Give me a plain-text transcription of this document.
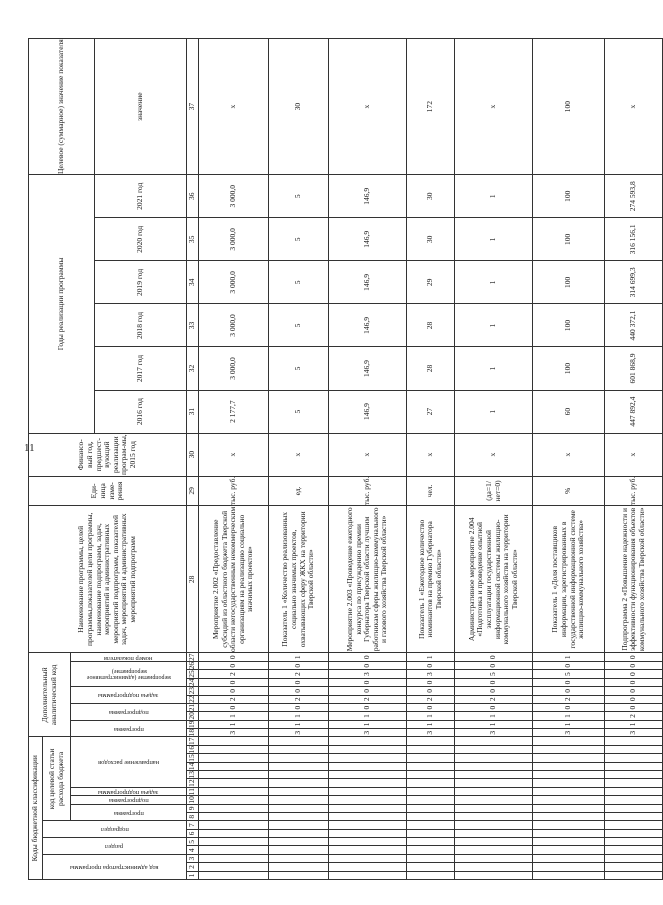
11
Коды бюджетной классификации																	Дополнительный аналитический код										Наименование программы, целей программы,показателей цели программы, наименование подпрограмм, задач, мероприятий и административных мероприятий подпрограмм, показателей задач, мероприятий и административных мероприятий подпрограмм	Еди-ница изме-рения	Финансо-вый год, предшест-вующий реализации програм-мы, 2015 год	Годы реализации программы						Целевое (суммарное) значение показателя

код администратора программы			раздел		подраздел		код целевой статьи расхода бюджета																													

							программа		подпрограмма	задача подпрограммы	направление расходов						программа		подпрограмма		задача подпрограммы		мероприятие (административное мероприятие)			номер показателя										

																														2016 год	2017 год	2018 год	2019 год	2020 год	2021 год	значение
1	2	3	4	5	6	7	8	9	10	11	12	13	14	15	16	17	18	19	20	21	22	23	24	25	26	27	28	29	30	31	32	33	34	35	36	37
																	3	1	1	0	2	0	0	2	0	0	Мероприятие 2.002 «Предоставление субсидий из областного бюджета Тверской области негосударственным некоммерческим организациям на реализацию социально значимых проектов»	тыс. руб.	х	2 177,7	3 000,0	3 000,0	3 000,0	3 000,0	3 000,0	х
																	3	1	1	0	2	0	0	2	0	1	Показатель 1 «Количество реализованных социально значимых проектов, охватывающих сферу ЖКХ на территории Тверской области»	ед.	х	5	5	5	5	5	5	30
																	3	1	1	0	2	0	0	3	0	0	Мероприятие 2.003 «Проведение ежегодного конкурса по присуждению премии Губернатора Тверской области лучшим работникам сферы жилищно-коммунального и газового хозяйства Тверской области»	тыс. руб.	х	146,9	146,9	146,9	146,9	146,9	146,9	х
																	3	1	1	0	2	0	0	3	0	1	Показатель 1 «Ежегодное количество номинантов на премию Губернатора Тверской области»	чел.	х	27	28	28	29	30	30	172
																	3	1	1	0	2	0	0	5	0	0	Административное мероприятие 2.004 «Подготовка и проведение опытной эксплуатации государственной информационной системы жилищно-коммунального хозяйства на территории Тверской области»	(да=1/ нет=0)	х	1	1	1	1	1	1	х
																	3	1	1	0	2	0	0	5	0	1	Показатель 1 «Доля поставщиков информации, зарегистрированных в государственной информационной системе жилищно-коммунального хозяйства»	%	х	60	100	100	100	100	100	100
																	3	1	2	0	0	0	0	0	0	0	Подпрограмма 2 «Повышение надежности и эффективности функционирования объектов коммунального хозяйства Тверской области»	тыс. руб.	х	447 892,4	601 868,9	440 372,1	314 699,3	316 156,1	274 593,8	х
